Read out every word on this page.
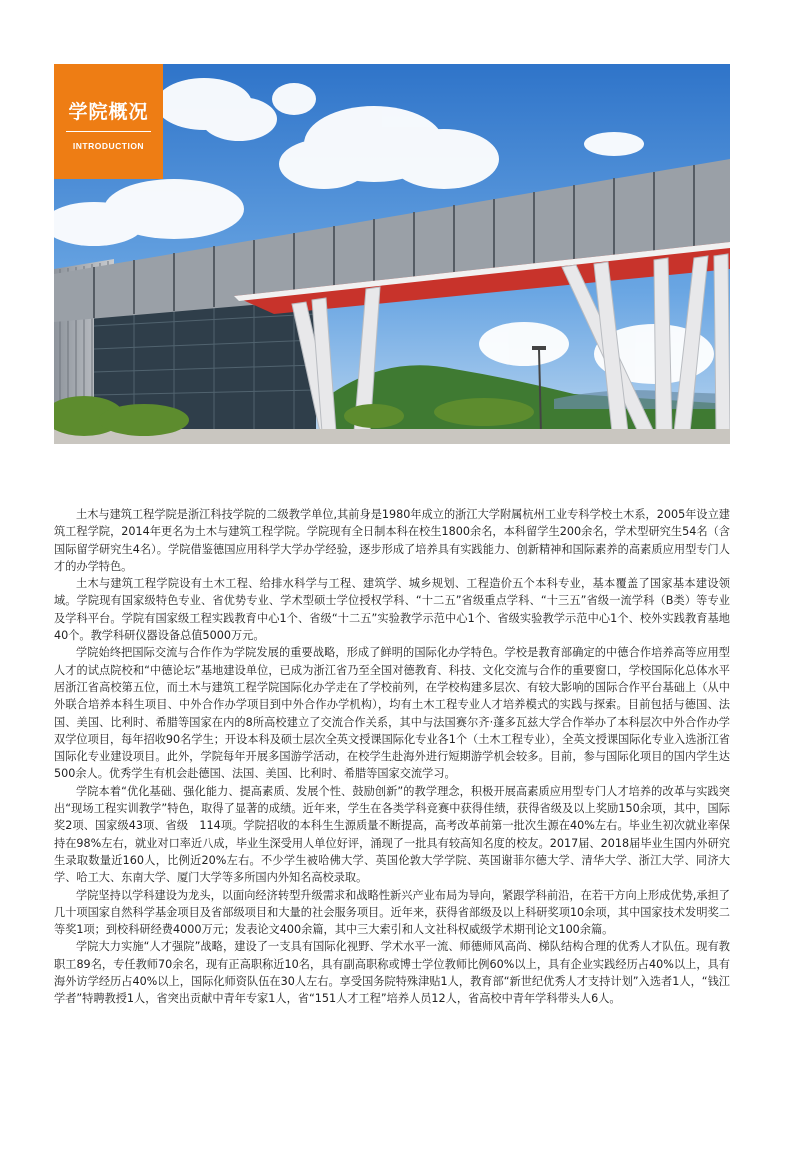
学院概况
INTRODUCTION

土木与建筑工程学院是浙江科技学院的二级教学单位,其前身是1980年成立的浙江大学附属杭州工业专科学校土木系，2005年设立建筑工程学院，2014年更名为土木与建筑工程学院。学院现有全日制本科在校生1800余名，本科留学生200余名，学术型研究生54名（含国际留学研究生4名）。学院借鉴德国应用科学大学办学经验，逐步形成了培养具有实践能力、创新精神和国际素养的高素质应用型专门人才的办学特色。

土木与建筑工程学院设有土木工程、给排水科学与工程、建筑学、城乡规划、工程造价五个本科专业，基本覆盖了国家基本建设领域。学院现有国家级特色专业、省优势专业、学术型硕士学位授权学科、“十二五”省级重点学科、“十三五”省级一流学科（B类）等专业及学科平台。学院有国家级工程实践教育中心1个、省级“十二五”实验教学示范中心1个、省级实验教学示范中心1个、校外实践教育基地40个。教学科研仪器设备总值5000万元。

学院始终把国际交流与合作作为学院发展的重要战略，形成了鲜明的国际化办学特色。学校是教育部确定的中德合作培养高等应用型人才的试点院校和“中德论坛”基地建设单位，已成为浙江省乃至全国对德教育、科技、文化交流与合作的重要窗口，学校国际化总体水平居浙江省高校第五位，而土木与建筑工程学院国际化办学走在了学校前列，在学校构建多层次、有较大影响的国际合作平台基础上（从中外联合培养本科生项目、中外合作办学项目到中外合作办学机构），均有土木工程专业人才培养模式的实践与探索。目前包括与德国、法国、美国、比利时、希腊等国家在内的8所高校建立了交流合作关系，其中与法国赛尔齐·蓬多瓦兹大学合作举办了本科层次中外合作办学双学位项目，每年招收90名学生；开设本科及硕士层次全英文授课国际化专业各1个（土木工程专业），全英文授课国际化专业入选浙江省国际化专业建设项目。此外，学院每年开展多国游学活动，在校学生赴海外进行短期游学机会较多。目前，参与国际化项目的国内学生达500余人。优秀学生有机会赴德国、法国、美国、比利时、希腊等国家交流学习。

学院本着“优化基础、强化能力、提高素质、发展个性、鼓励创新”的教学理念，积极开展高素质应用型专门人才培养的改革与实践突出“现场工程实训教学”特色，取得了显著的成绩。近年来，学生在各类学科竞赛中获得佳绩，获得省级及以上奖励150余项，其中，国际奖2项、国家级43项、省级　114项。学院招收的本科生生源质量不断提高，高考改革前第一批次生源在40%左右。毕业生初次就业率保持在98%左右，就业对口率近八成，毕业生深受用人单位好评，涌现了一批具有较高知名度的校友。2017届、2018届毕业生国内外研究生录取数量近160人，比例近20%左右。不少学生被哈佛大学、英国伦敦大学学院、英国谢菲尔德大学、清华大学、浙江大学、同济大学、哈工大、东南大学、厦门大学等多所国内外知名高校录取。

学院坚持以学科建设为龙头，以面向经济转型升级需求和战略性新兴产业布局为导向，紧跟学科前沿，在若干方向上形成优势,承担了几十项国家自然科学基金项目及省部级项目和大量的社会服务项目。近年来，获得省部级及以上科研奖项10余项，其中国家技术发明奖二等奖1项；到校科研经费4000万元；发表论文400余篇，其中三大索引和人文社科权威级学术期刊论文100余篇。

学院大力实施“人才强院”战略，建设了一支具有国际化视野、学术水平一流、师德师风高尚、梯队结构合理的优秀人才队伍。现有教职工89名，专任教师70余名，现有正高职称近10名，具有副高职称或博士学位教师比例60%以上，具有企业实践经历占40%以上，具有海外访学经历占40%以上，国际化师资队伍在30人左右。享受国务院特殊津贴1人，教育部“新世纪优秀人才支持计划”入选者1人，“钱江学者”特聘教授1人，省突出贡献中青年专家1人，省“151人才工程”培养人员12人，省高校中青年学科带头人6人。
